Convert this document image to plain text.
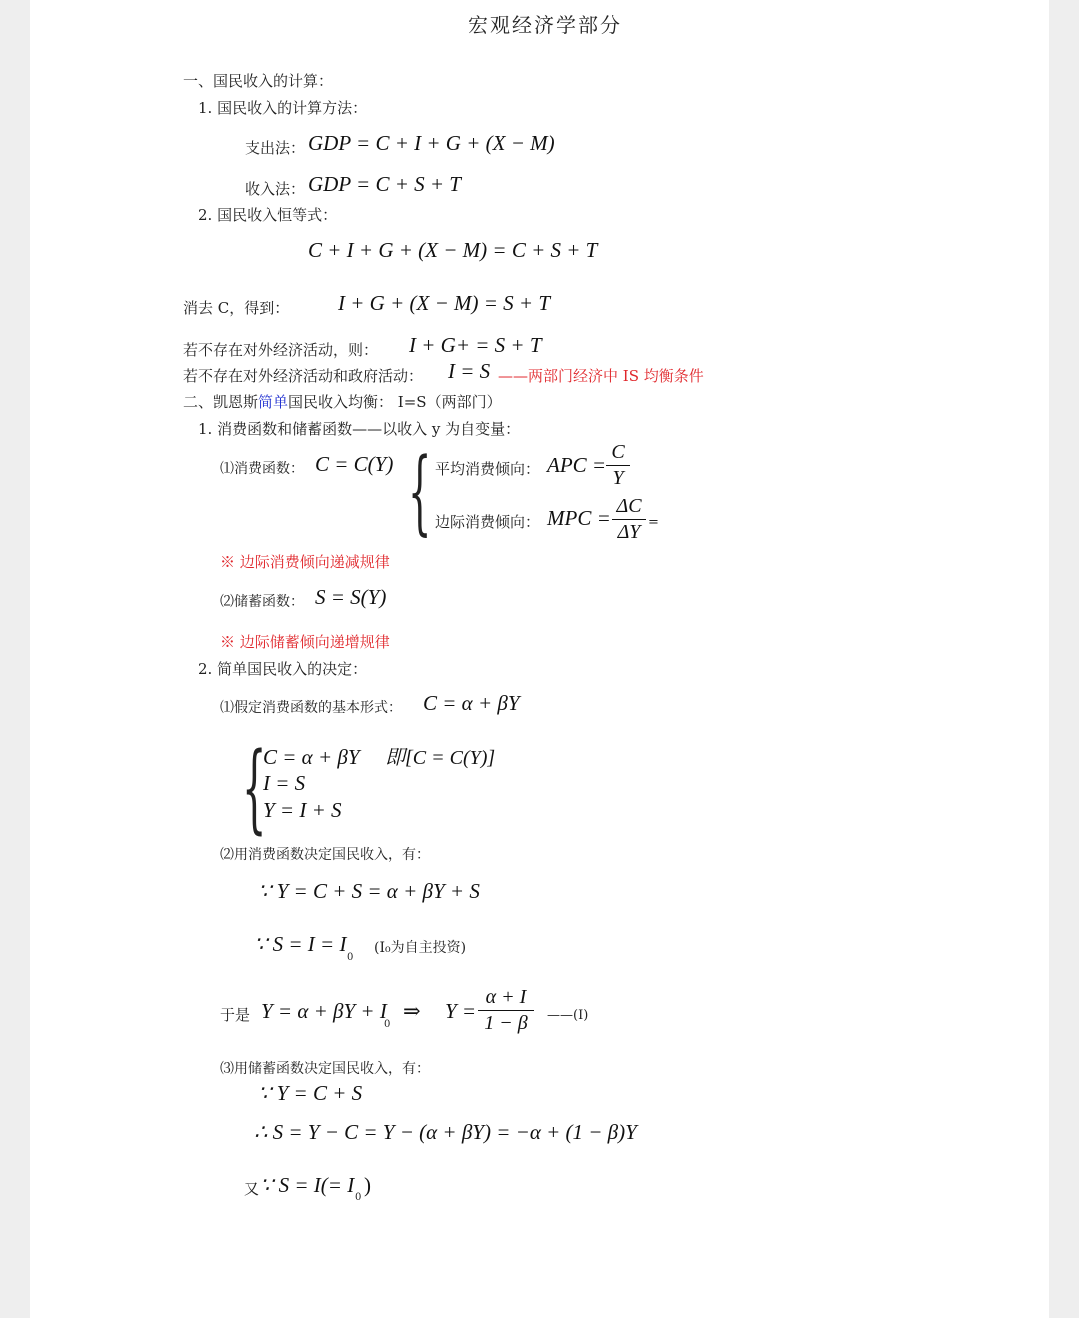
宏观经济学部分
一、国民收入的计算：
1. 国民收入的计算方法：
支出法： GDP = C + I + G + (X − M)
收入法： GDP = C + S + T
2. 国民收入恒等式：
C + I + G + (X − M) = C + S + T
消去 C，得到： I + G + (X − M) = S + T
若不存在对外经济活动，则： I + G+ = S + T
若不存在对外经济活动和政府活动： I = S ——两部门经济中 IS 均衡条件
二、凯恩斯简单国民收入均衡： I=S（两部门）
1. 消费函数和储蓄函数——以收入 y 为自变量：
⑴消费函数： C = C(Y) { 平均消费倾向： APC =
C
Y
边际消费倾向： MPC = ΔC
ΔY =
※ 边际消费倾向递减规律
⑵储蓄函数： S = S(Y)
※ 边际储蓄倾向递增规律
2. 简单国民收入的决定：
⑴假定消费函数的基本形式： C = α + βY
{
C = α + βY 即[C = C(Y)]
I = S
Y = I + S
⑵用消费函数决定国民收入，有：
∵ Y = C + S = α + βY + S
∵ S = I = I
0
(I₀为自主投资)
于是 Y = α + βY + I
0
⇒ Y =
α + I
1 − β	——(Ⅰ)
⑶用储蓄函数决定国民收入，有：
∵ Y = C + S
∴ S = Y − C = Y − (α + βY) = −α + (1 − β)Y
又 ∵ S = I(= I
0
)
